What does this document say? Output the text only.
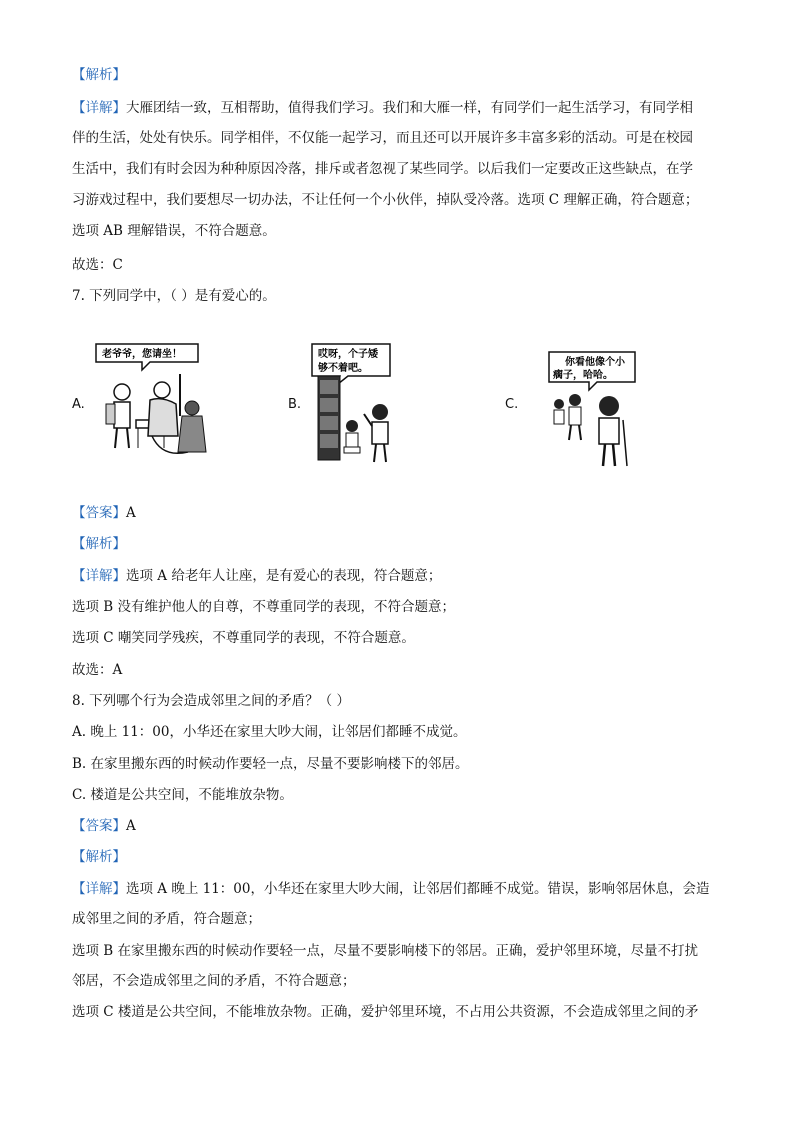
【解析】
【详解】大雁团结一致，互相帮助，值得我们学习。我们和大雁一样，有同学们一起生活学习，有同学相
伴的生活，处处有快乐。同学相伴，不仅能一起学习，而且还可以开展许多丰富多彩的活动。可是在校园
生活中，我们有时会因为种种原因冷落，排斥或者忽视了某些同学。以后我们一定要改正这些缺点，在学
习游戏过程中，我们要想尽一切办法，不让任何一个小伙伴，掉队受冷落。选项 C 理解正确，符合题意；
选项 AB 理解错误，不符合题意。
故选：C
7. 下列同学中，（ ）是有爱心的。
A.
老爷爷，您请坐！
B.
哎呀，个子矮
够不着吧。
C.
你看他像个小
瘸子，哈哈。
【答案】A
【解析】
【详解】选项 A 给老年人让座，是有爱心的表现，符合题意；
选项 B 没有维护他人的自尊，不尊重同学的表现，不符合题意；
选项 C 嘲笑同学残疾，不尊重同学的表现，不符合题意。
故选：A
8. 下列哪个行为会造成邻里之间的矛盾？（ ）
A. 晚上 11：00，小华还在家里大吵大闹，让邻居们都睡不成觉。
B. 在家里搬东西的时候动作要轻一点，尽量不要影响楼下的邻居。
C. 楼道是公共空间，不能堆放杂物。
【答案】A
【解析】
【详解】选项 A 晚上 11：00，小华还在家里大吵大闹，让邻居们都睡不成觉。错误，影响邻居休息，会造
成邻里之间的矛盾，符合题意；
选项 B 在家里搬东西的时候动作要轻一点，尽量不要影响楼下的邻居。正确，爱护邻里环境，尽量不打扰
邻居，不会造成邻里之间的矛盾，不符合题意；
选项 C 楼道是公共空间，不能堆放杂物。正确，爱护邻里环境，不占用公共资源，不会造成邻里之间的矛
